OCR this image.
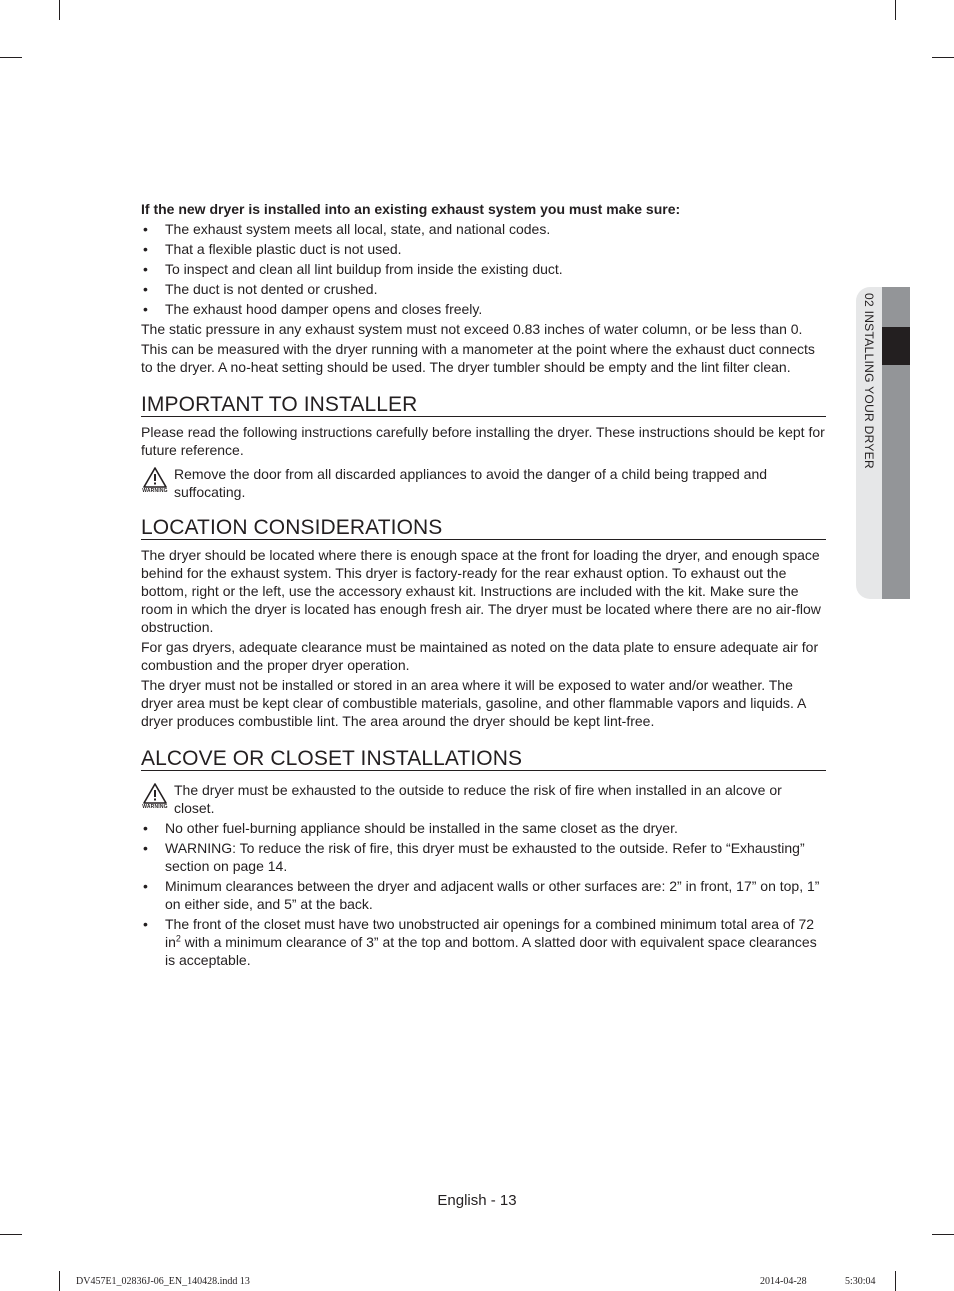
02 INSTALLING YOUR DRYER

If the new dryer is installed into an existing exhaust system you must make sure:

• The exhaust system meets all local, state, and national codes.
• That a flexible plastic duct is not used.
• To inspect and clean all lint buildup from inside the existing duct.
• The duct is not dented or crushed.
• The exhaust hood damper opens and closes freely.

The static pressure in any exhaust system must not exceed 0.83 inches of water column, or be less than 0.

This can be measured with the dryer running with a manometer at the point where the exhaust duct connects to the dryer. A no-heat setting should be used. The dryer tumbler should be empty and the lint filter clean.

IMPORTANT TO INSTALLER

Please read the following instructions carefully before installing the dryer. These instructions should be kept for future reference.

WARNING
Remove the door from all discarded appliances to avoid the danger of a child being trapped and suffocating.
LOCATION CONSIDERATIONS

The dryer should be located where there is enough space at the front for loading the dryer, and enough space behind for the exhaust system. This dryer is factory-ready for the rear exhaust option. To exhaust out the bottom, right or the left, use the accessory exhaust kit. Instructions are included with the kit. Make sure the room in which the dryer is located has enough fresh air. The dryer must be located where there are no air-flow obstruction.

For gas dryers, adequate clearance must be maintained as noted on the data plate to ensure adequate air for combustion and the proper dryer operation.

The dryer must not be installed or stored in an area where it will be exposed to water and/or weather. The dryer area must be kept clear of combustible materials, gasoline, and other flammable vapors and liquids. A dryer produces combustible lint. The area around the dryer should be kept lint-free.

ALCOVE OR CLOSET INSTALLATIONS
WARNING
The dryer must be exhausted to the outside to reduce the risk of fire when installed in an alcove or closet.
• No other fuel-burning appliance should be installed in the same closet as the dryer.
• WARNING: To reduce the risk of fire, this dryer must be exhausted to the outside. Refer to “Exhausting” section on page 14.
• Minimum clearances between the dryer and adjacent walls or other surfaces are: 2” in front, 17” on top, 1” on either side, and 5” at the back.
• The front of the closet must have two unobstructed air openings for a combined minimum total area of 72 $in^2$ with a minimum clearance of 3” at the top and bottom. A slatted door with equivalent space clearances is acceptable.
English - 13
DV457E1_02836J-06_EN_140428.indd 13	2014-04-28	5:30:04
